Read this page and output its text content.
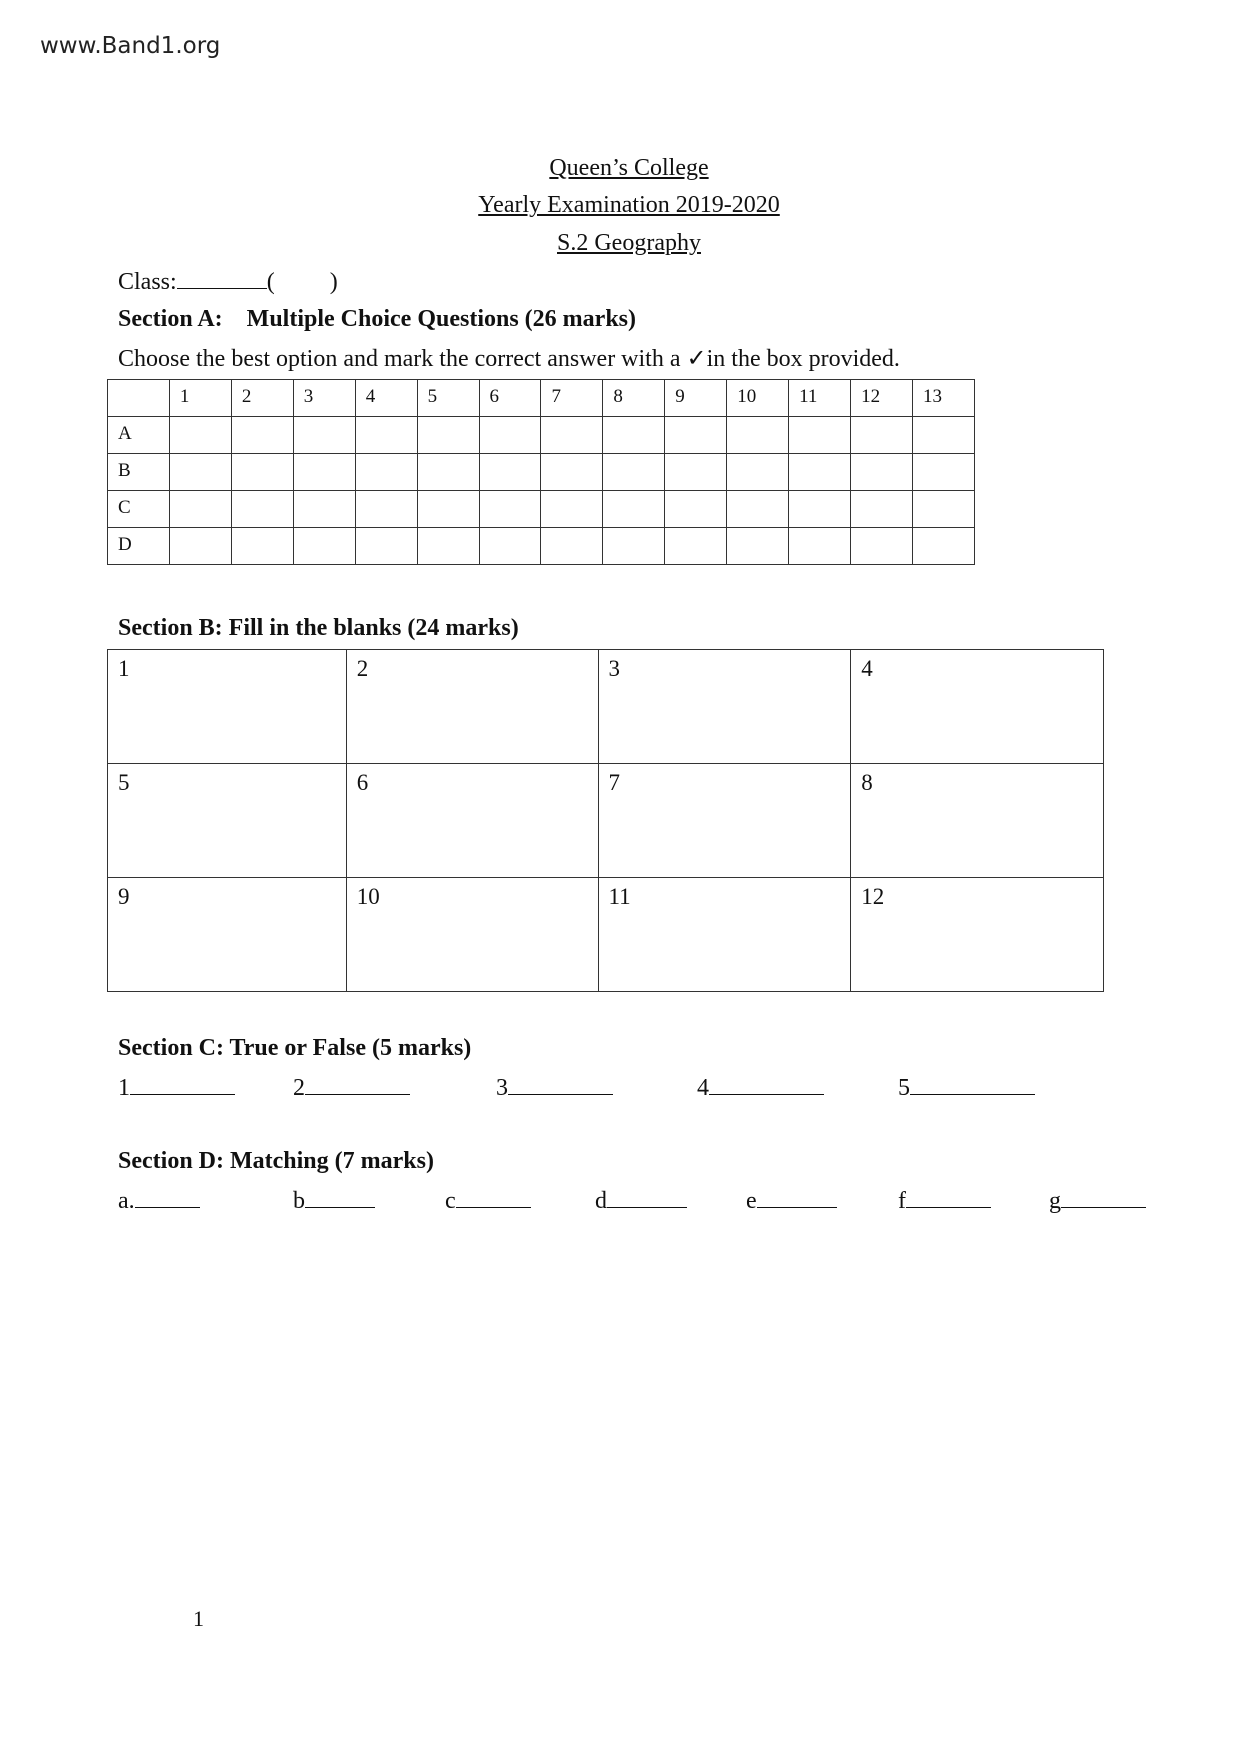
www.Band1.org
Queen’s College
Yearly Examination 2019-2020
S.2 Geography
Class:	( )
Section A: Multiple Choice Questions (26 marks)
Choose the best option and mark the correct answer with a ✓in the box provided.
	1	2	3	4	5	6	7	8	9	10	11	12	13
A													
B													
C													
D													
Section B: Fill in the blanks (24 marks)
1	2	3	4
5	6	7	8
9	10	11	12
Section C: True or False (5 marks)
1	2	3	4	5
Section D: Matching (7 marks)
a.	b	c	d	e	f	g
1
